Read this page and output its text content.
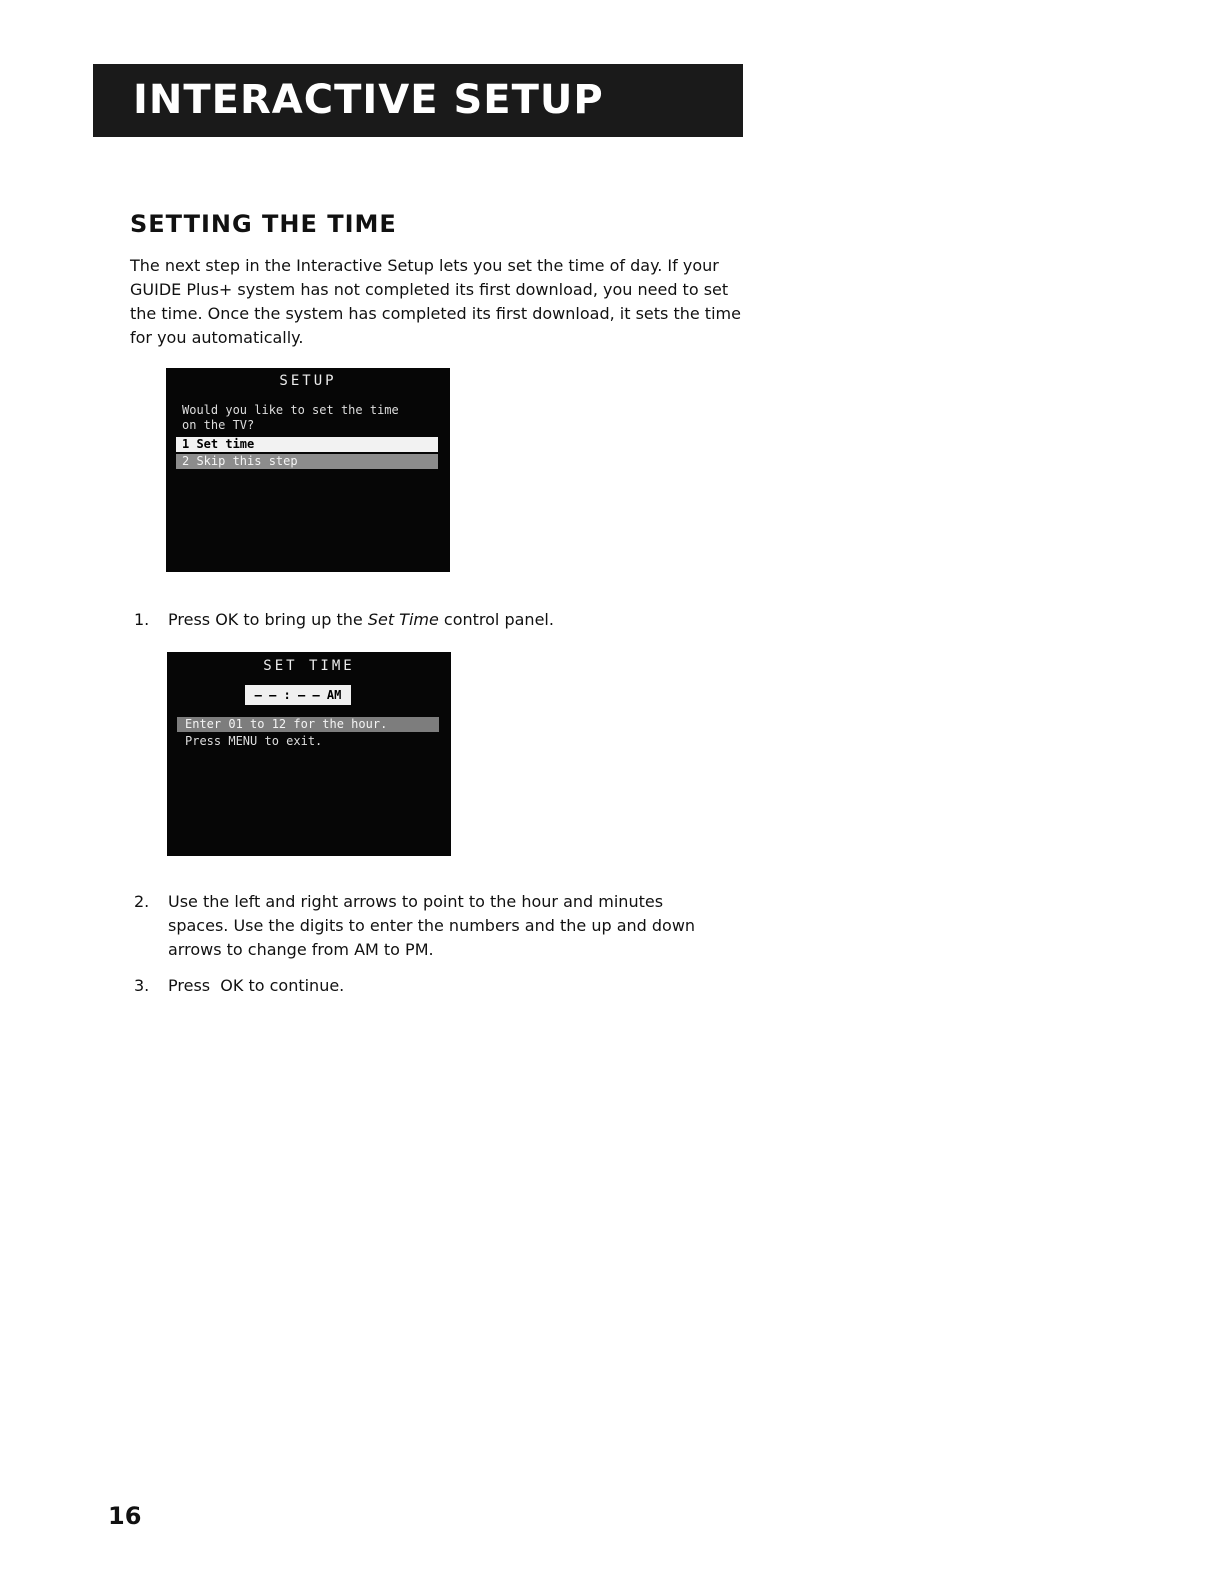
INTERACTIVE SETUP
SETTING THE TIME

The next step in the Interactive Setup lets you set the time of day. If your GUIDE Plus+ system has not completed its first download, you need to set the time. Once the system has completed its first download, it sets the time for you automatically.

SETUP
Would you like to set the time
on the TV?
1 Set time
2 Skip this step
1. Press OK to bring up the Set Time control panel.
SET TIME
– – : – – AM
Enter 01 to 12 for the hour.
Press MENU to exit.
2. Use the left and right arrows to point to the hour and minutes spaces. Use the digits to enter the numbers and the up and down arrows to change from AM to PM.
3. Press  OK to continue.
16
